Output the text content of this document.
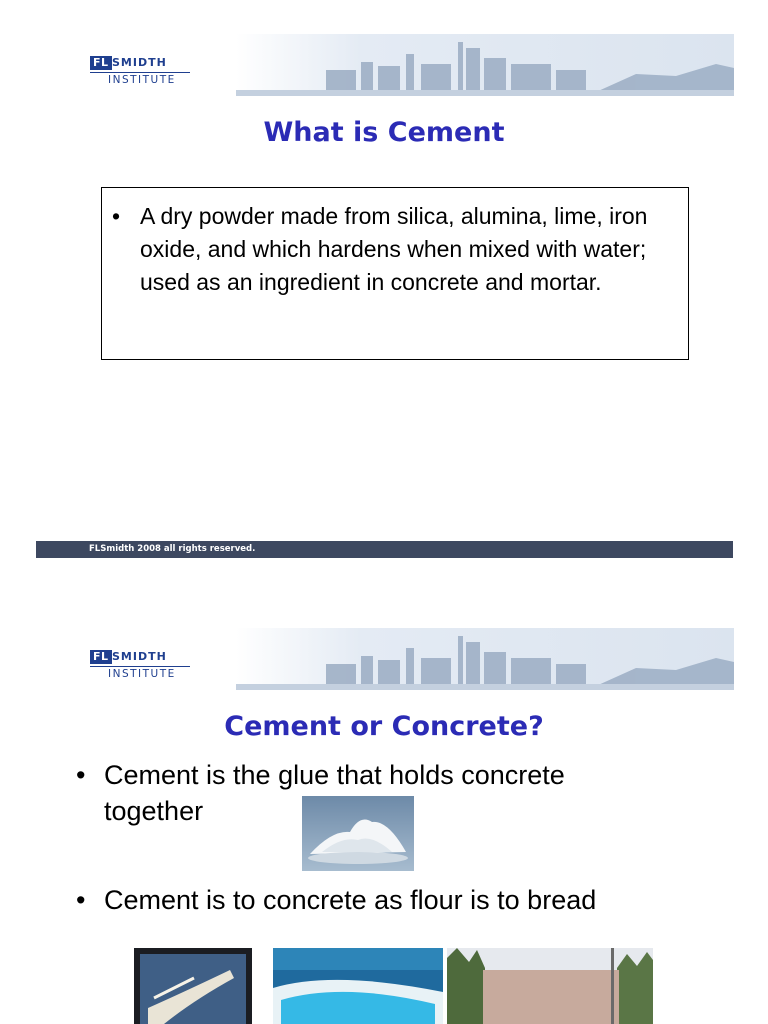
FL SMIDTH
INSTITUTE
What is Cement
• A dry powder made from silica, alumina, lime, iron oxide, and which hardens when mixed with water; used as an ingredient in concrete and mortar.
FLSmidth 2008 all rights reserved.
FL SMIDTH
INSTITUTE
Cement or Concrete?
• Cement is the glue that holds concrete together
• Cement is to concrete as flour is to bread
